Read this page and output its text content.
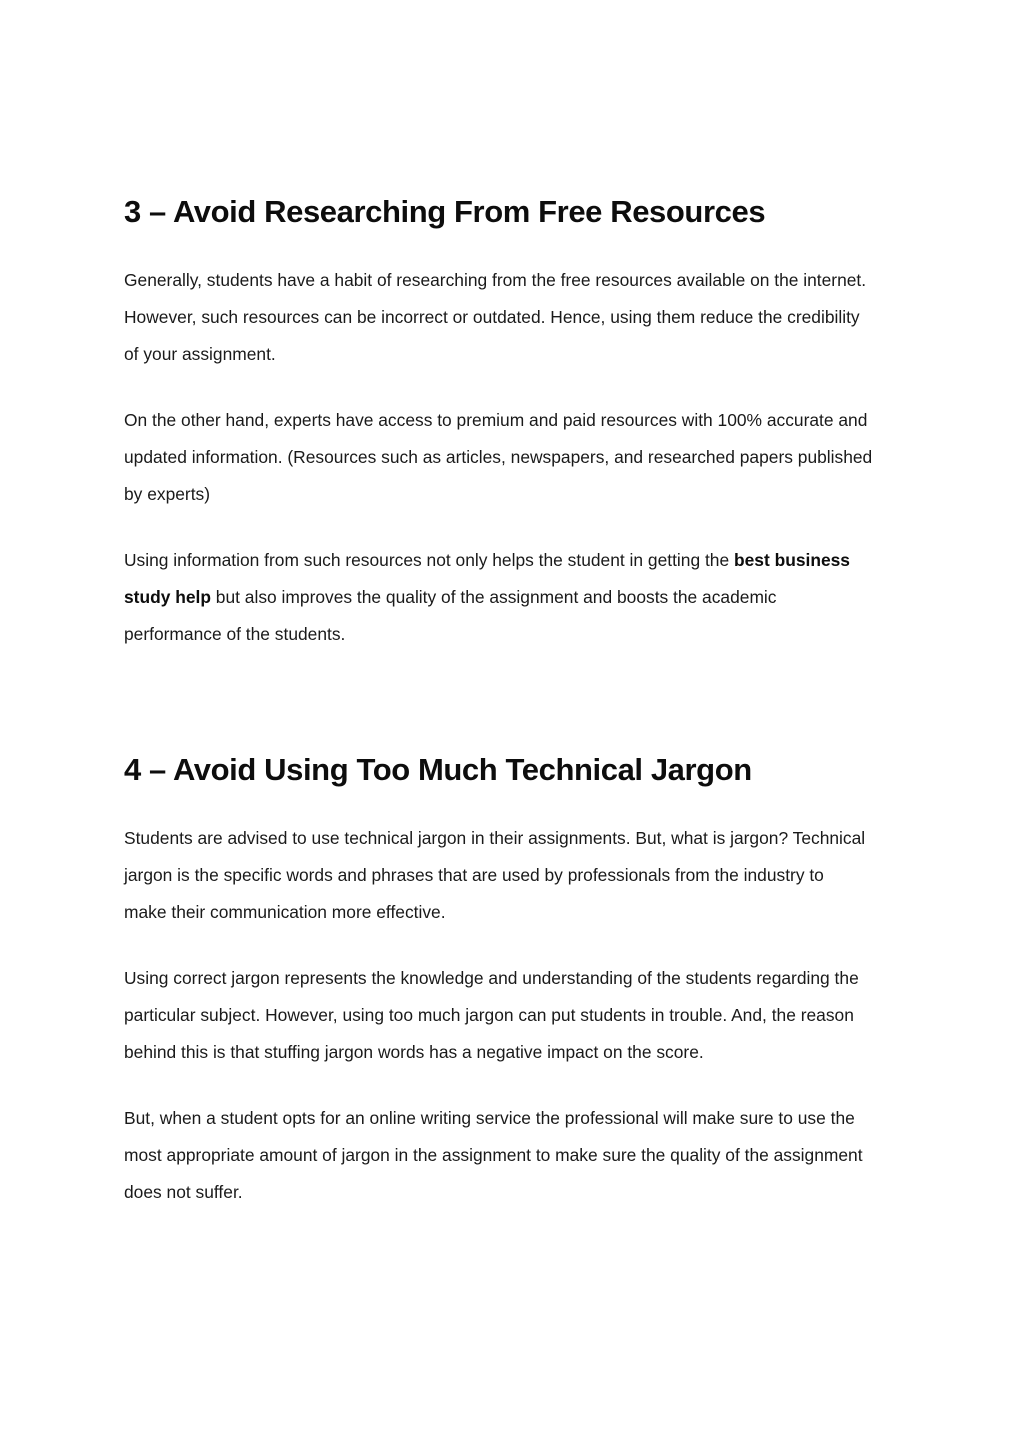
3 – Avoid Researching From Free Resources

Generally, students have a habit of researching from the free resources available on the internet.
However, such resources can be incorrect or outdated. Hence, using them reduce the credibility
of your assignment.

On the other hand, experts have access to premium and paid resources with 100% accurate and
updated information. (Resources such as articles, newspapers, and researched papers published
by experts)

Using information from such resources not only helps the student in getting the best business
study help but also improves the quality of the assignment and boosts the academic
performance of the students.

4 – Avoid Using Too Much Technical Jargon

Students are advised to use technical jargon in their assignments. But, what is jargon? Technical
jargon is the specific words and phrases that are used by professionals from the industry to
make their communication more effective.

Using correct jargon represents the knowledge and understanding of the students regarding the
particular subject. However, using too much jargon can put students in trouble. And, the reason
behind this is that stuffing jargon words has a negative impact on the score.

But, when a student opts for an online writing service the professional will make sure to use the
most appropriate amount of jargon in the assignment to make sure the quality of the assignment
does not suffer.
